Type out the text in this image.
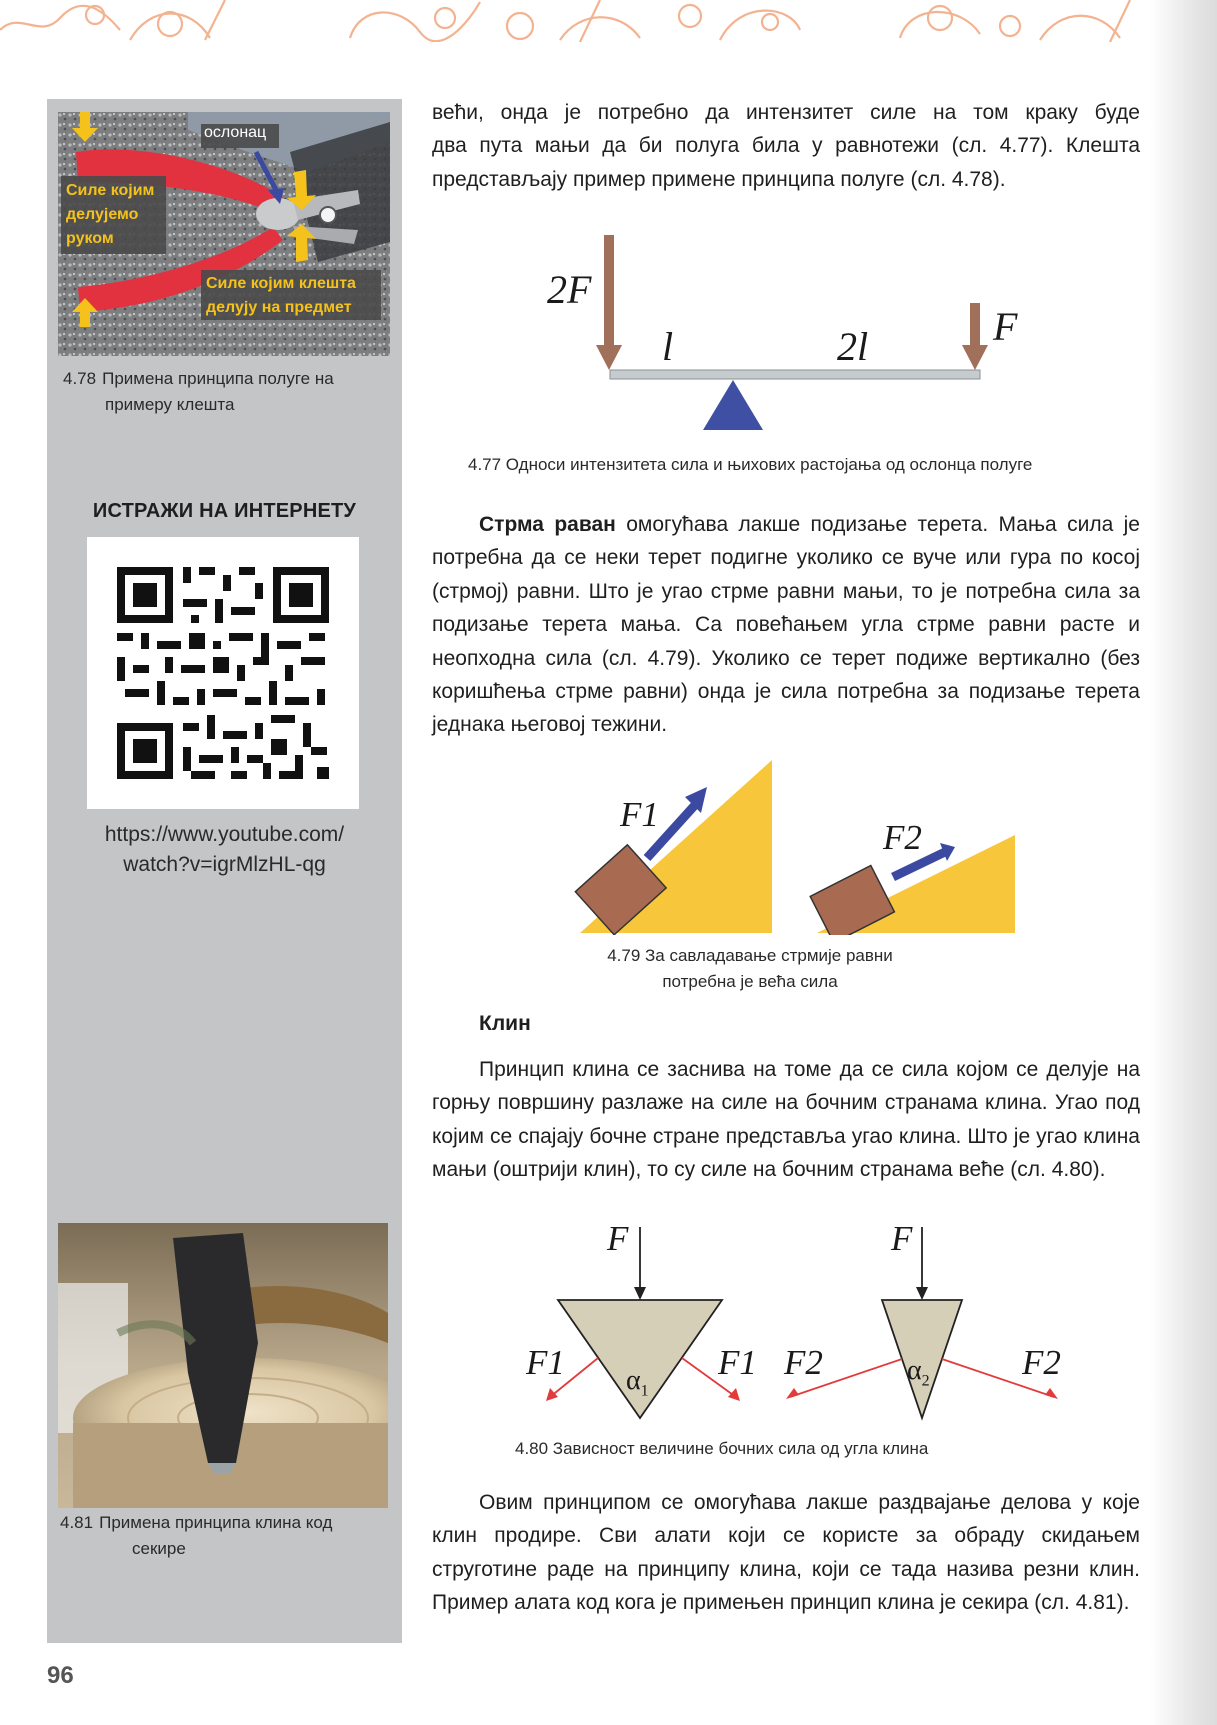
ослонац
Силе којим
делујемо
руком
Силе којим клешта
делују на предмет
4.78 Примена принципа полуге на
примеру клешта
ИСТРАЖИ НА ИНТЕРНЕТУ
https://www.youtube.com/
watch?v=igrMlzHL-qg
4.81 Примена принципа клина код
секире
96
већи, онда је потребно да интензитет силе на том краку буде
два пута мањи да би полуга била у равнотежи (сл. 4.77). Клешта
представљају пример примене принципа полуге (сл. 4.78).
2F
F
l	2l
4.77 Односи интензитета сила и њихових растојања од ослонца полуге
Стрма раван омогућава лакше подизање терета. Мања сила је потребна да се неки терет подигне уколико се вуче или гура по косој (стрмој) равни. Што је угао стрме равни мањи, то је потребна сила за подизање терета мања. Са повећањем угла стрме равни расте и неопходна сила (сл. 4.79). Уколико се терет подиже вертикално (без коришћења стрме равни) онда је сила потребна за подизање терета једнака његовој тежини.
F1
F2
4.79 За савладавање стрмије равни
потребна је већа сила
Клин
Принцип клина се заснива на томе да се сила којом се делује на горњу површину разлаже на силе на бочним странама клина. Угао под којим се спајају бочне стране представља угао клина. Што је угао клина мањи (оштрији клин), то су силе на бочним странама веће (сл. 4.80).
F	F
F1	F1 F2	F2
$\alpha_1$
$\alpha_2$
4.80 Зависност величине бочних сила од угла клина
Овим принципом се омогућава лакше раздвајање делова у које клин продире. Сви алати који се користе за обраду скидањем струготине раде на принципу клина, који се тада назива резни клин. Пример алата код кога је примењен принцип клина је секира (сл. 4.81).
